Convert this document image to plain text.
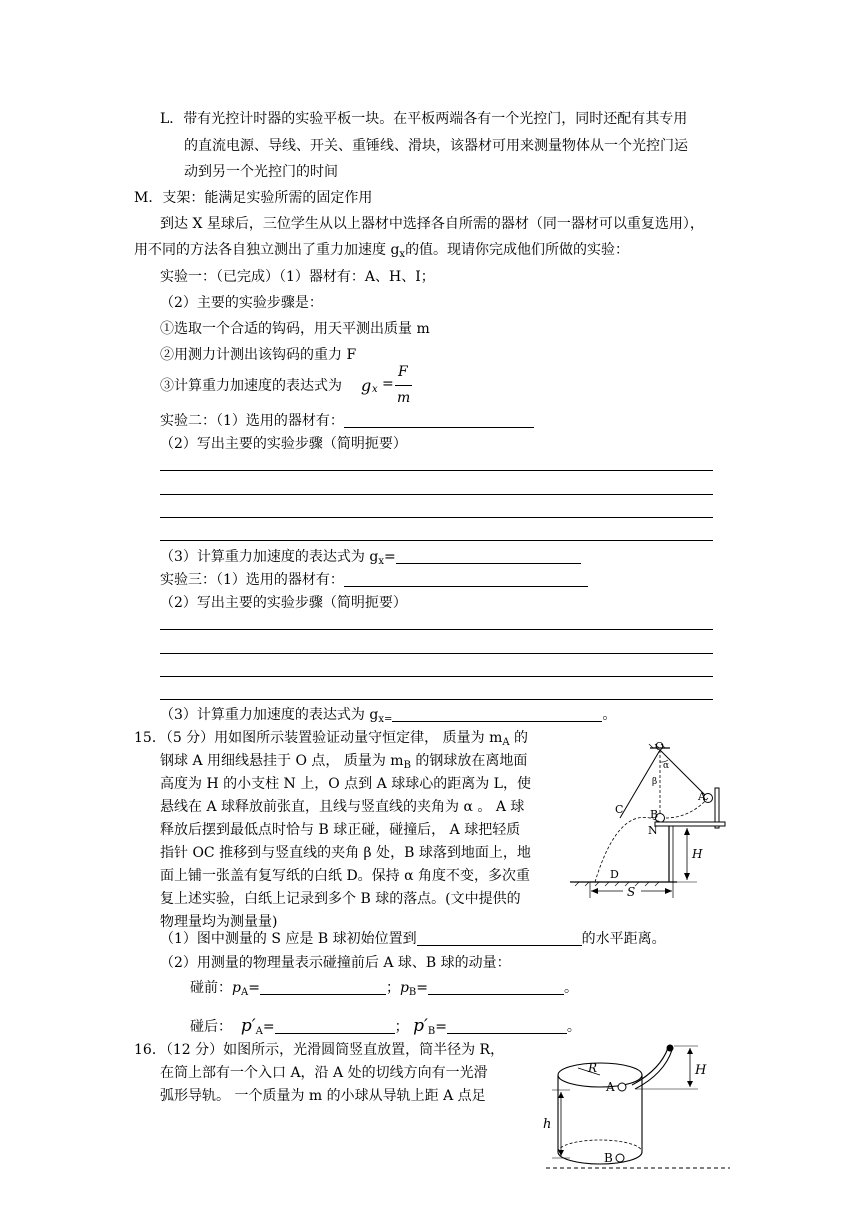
L．带有光控计时器的实验平板一块。在平板两端各有一个光控门，同时还配有其专用
的直流电源、导线、开关、重锤线、滑块，该器材可用来测量物体从一个光控门运
动到另一个光控门的时间
M．支架：能满足实验所需的固定作用
到达 X 星球后，三位学生从以上器材中选择各自所需的器材（同一器材可以重复选用），
用不同的方法各自独立测出了重力加速度 $g_x$的值。现请你完成他们所做的实验：
实验一：（已完成）（1）器材有：A、H、I；
（2）主要的实验步骤是：
①选取一个合适的钩码，用天平测出质量 m
②用测力计测出该钩码的重力 F
③计算重力加速度的表达式为 g x =
F
m
实验二：（1）选用的器材有：
（2）写出主要的实验步骤（简明扼要）
（3）计算重力加速度的表达式为 $g_x=$
实验三：（1）选用的器材有：
（2）写出主要的实验步骤（简明扼要）
（3）计算重力加速度的表达式为 $g_{x=}$	。
15．（5 分）用如图所示装置验证动量守恒定律， 质量为 $m_A$ 的
钢球 A 用细线悬挂于 O 点， 质量为 $m_B$ 的钢球放在离地面
高度为 H 的小支柱 N 上，O 点到 A 球球心的距离为 L，使
悬线在 A 球释放前张直，且线与竖直线的夹角为 α 。 A 球
释放后摆到最低点时恰与 B 球正碰，碰撞后， A 球把轻质
指针 OC 推移到与竖直线的夹角 β 处，B 球落到地面上，地
面上铺一张盖有复写纸的白纸 D。保持 α 角度不变，多次重
复上述实验，白纸上记录到多个 B 球的落点。(文中提供的
物理量均为测量量)
（1）图中测量的 S 应是 B 球初始位置到	的水平距离。
（2）用测量的物理量表示碰撞前后 A 球、B 球的动量：
碰前：$p_A=$	；$p_B=$	。
碰后： $p'_A=$	； $p'_B=$	。
O
α
β
A
B
C
N
H
D
S
16．（12 分）如图所示，光滑圆筒竖直放置，筒半径为 R，
在筒上部有一个入口 A，沿 A 处的切线方向有一光滑
弧形导轨。 一个质量为 m 的小球从导轨上距 A 点足
R
A
B
H
h
